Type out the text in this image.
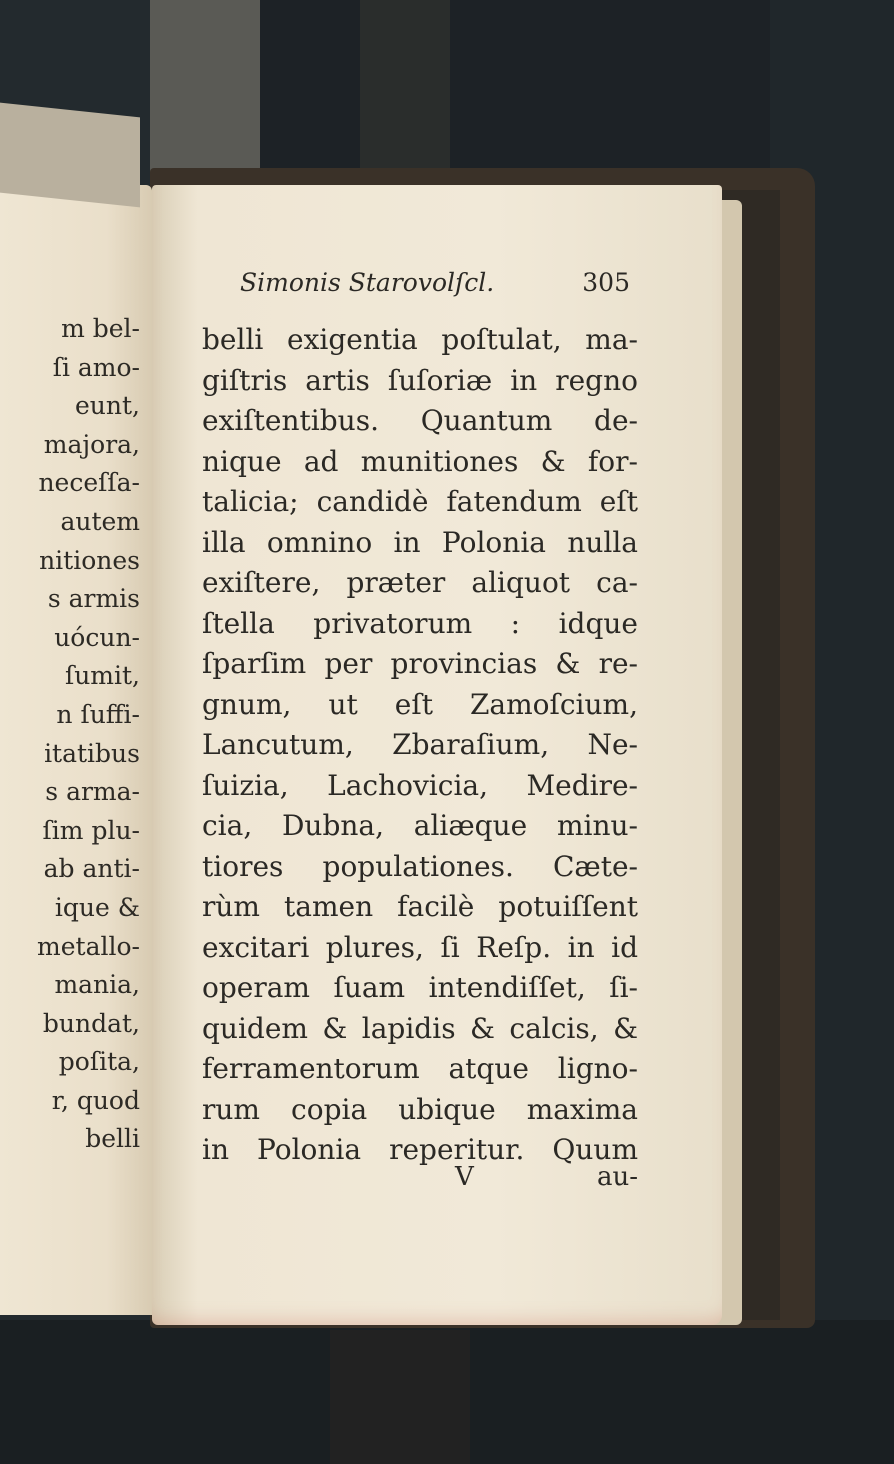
m bel-
ſi amo-
eunt,
majora,
neceſſa-
autem
nitiones
s armis
uócun-
ſumit,
n ſuffi-
itatibus
s arma-
ſim plu-
ab anti-
ique &
metallo-
mania,
bundat,
poſita,
r, quod
belli
Simonis Starovolſcl.	305
belli exigentia poſtulat, ma-
giſtris artis ſuſoriæ in regno
exiſtentibus. Quantum de-
nique ad munitiones & for-
talicia; candidè fatendum eſt
illa omnino in Polonia nulla
exiſtere, præter aliquot ca-
ſtella privatorum : idque
ſparſim per provincias & re-
gnum, ut eſt Zamoſcium,
Lancutum, Zbaraſium, Ne-
ſuizia, Lachovicia, Medire-
cia, Dubna, aliæque minu-
tiores populationes. Cæte-
rùm tamen facilè potuiſſent
excitari plures, ſi Reſp. in id
operam ſuam intendiſſet, ſi-
quidem & lapidis & calcis, &
ferramentorum atque ligno-
rum copia ubique maxima
in Polonia reperitur. Quum
V	au-
